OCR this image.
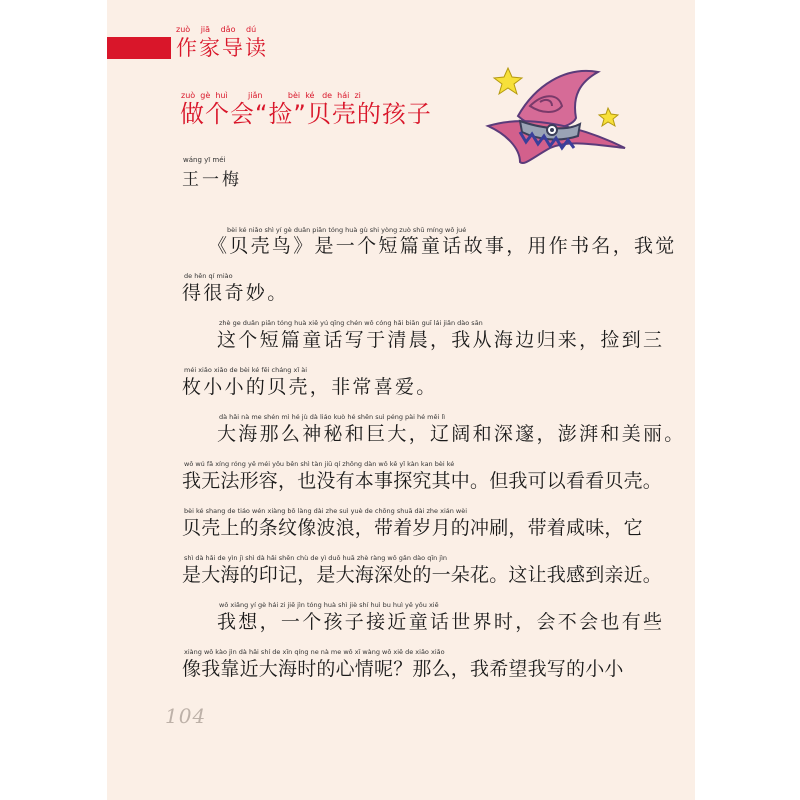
zuò jiā dǎo dú
作家导读
zuò  gè  huì        jiǎn          bèi  ké   de  hái  zi
做个会“捡”贝壳的孩子
wáng yī méi
王一梅
bèi ké niǎo shì yí gè duǎn piān tóng huà gù shi yòng zuò shū míng wǒ jué
《贝壳鸟》是一个短篇童话故事，用作书名，我觉
de hěn qí miào
得很奇妙。
zhè ge duǎn piān tóng huà xiě yú qīng chén wǒ cóng hǎi biān guī lái jiǎn dào sān
这个短篇童话写于清晨，我从海边归来，捡到三
méi xiǎo xiǎo de bèi ké fēi cháng xǐ ài
枚小小的贝壳，非常喜爱。
dà hǎi nà me shén mì hé jù dà liáo kuò hé shēn suì péng pài hé měi lì
大海那么神秘和巨大，辽阔和深邃，澎湃和美丽。
wǒ wú fǎ xíng róng yě méi yǒu běn shì tàn jiū qí zhōng dàn wǒ kě yǐ kàn kan bèi ké
我无法形容，也没有本事探究其中。但我可以看看贝壳。
bèi ké shang de tiáo wén xiàng bō làng dài zhe suì yuè de chōng shuā dài zhe xián wèi
贝壳上的条纹像波浪，带着岁月的冲刷，带着咸味，它
shì dà hǎi de yìn jì shì dà hǎi shēn chù de yì duǒ huā zhè ràng wǒ gǎn dào qīn jìn
是大海的印记，是大海深处的一朵花。这让我感到亲近。
wǒ xiǎng yí gè hái zi jiē jìn tóng huà shì jiè shí huì bu huì yě yǒu xiē
我想，一个孩子接近童话世界时，会不会也有些
xiàng wǒ kào jìn dà hǎi shí de xīn qíng ne nà me wǒ xī wàng wǒ xiě de xiǎo xiǎo
像我靠近大海时的心情呢？那么，我希望我写的小小
104
